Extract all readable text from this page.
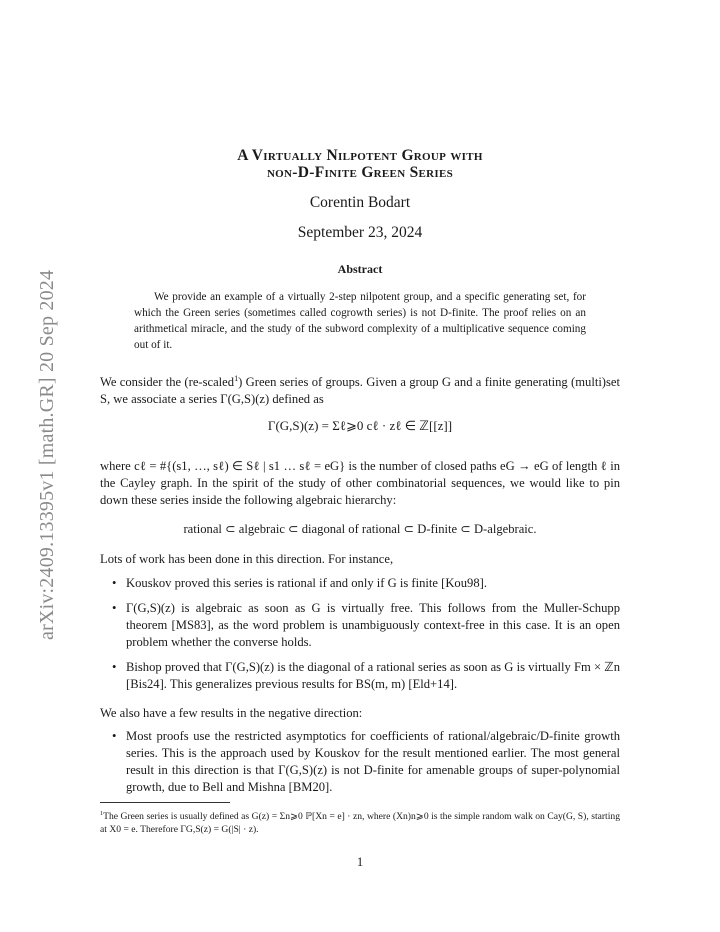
arXiv:2409.13395v1 [math.GR] 20 Sep 2024
A Virtually Nilpotent Group with
non-D-Finite Green Series
Corentin Bodart
September 23, 2024
Abstract
We provide an example of a virtually 2-step nilpotent group, and a specific generating set, for which the Green series (sometimes called cogrowth series) is not D-finite. The proof relies on an arithmetical miracle, and the study of the subword complexity of a multiplicative sequence coming out of it.
We consider the (re-scaled$^1$) Green series of groups. Given a group G and a finite generating (multi)set S, we associate a series Γ(G,S)(z) defined as
Γ(G,S)(z) = Σℓ⩾0 cℓ · zℓ ∈ ℤ[[z]]
where cℓ = #{(s1, …, sℓ) ∈ Sℓ | s1 … sℓ = eG} is the number of closed paths eG → eG of length ℓ in the Cayley graph. In the spirit of the study of other combinatorial sequences, we would like to pin down these series inside the following algebraic hierarchy:
rational ⊂ algebraic ⊂ diagonal of rational ⊂ D-finite ⊂ D-algebraic.
Lots of work has been done in this direction. For instance,
• Kouskov proved this series is rational if and only if G is finite [Kou98].
• Γ(G,S)(z) is algebraic as soon as G is virtually free. This follows from the Muller-Schupp theorem [MS83], as the word problem is unambiguously context-free in this case. It is an open problem whether the converse holds.
• Bishop proved that Γ(G,S)(z) is the diagonal of a rational series as soon as G is virtually Fm × ℤn [Bis24]. This generalizes previous results for BS(m, m) [Eld+14].
We also have a few results in the negative direction:
• Most proofs use the restricted asymptotics for coefficients of rational/algebraic/D-finite growth series. This is the approach used by Kouskov for the result mentioned earlier. The most general result in this direction is that Γ(G,S)(z) is not D-finite for amenable groups of super-polynomial growth, due to Bell and Mishna [BM20].
$^1$The Green series is usually defined as G(z) = Σn⩾0 ℙ[Xn = e] · zn, where (Xn)n⩾0 is the simple random walk on Cay(G, S), starting at X0 = e. Therefore ΓG,S(z) = G(|S| · z).
1
